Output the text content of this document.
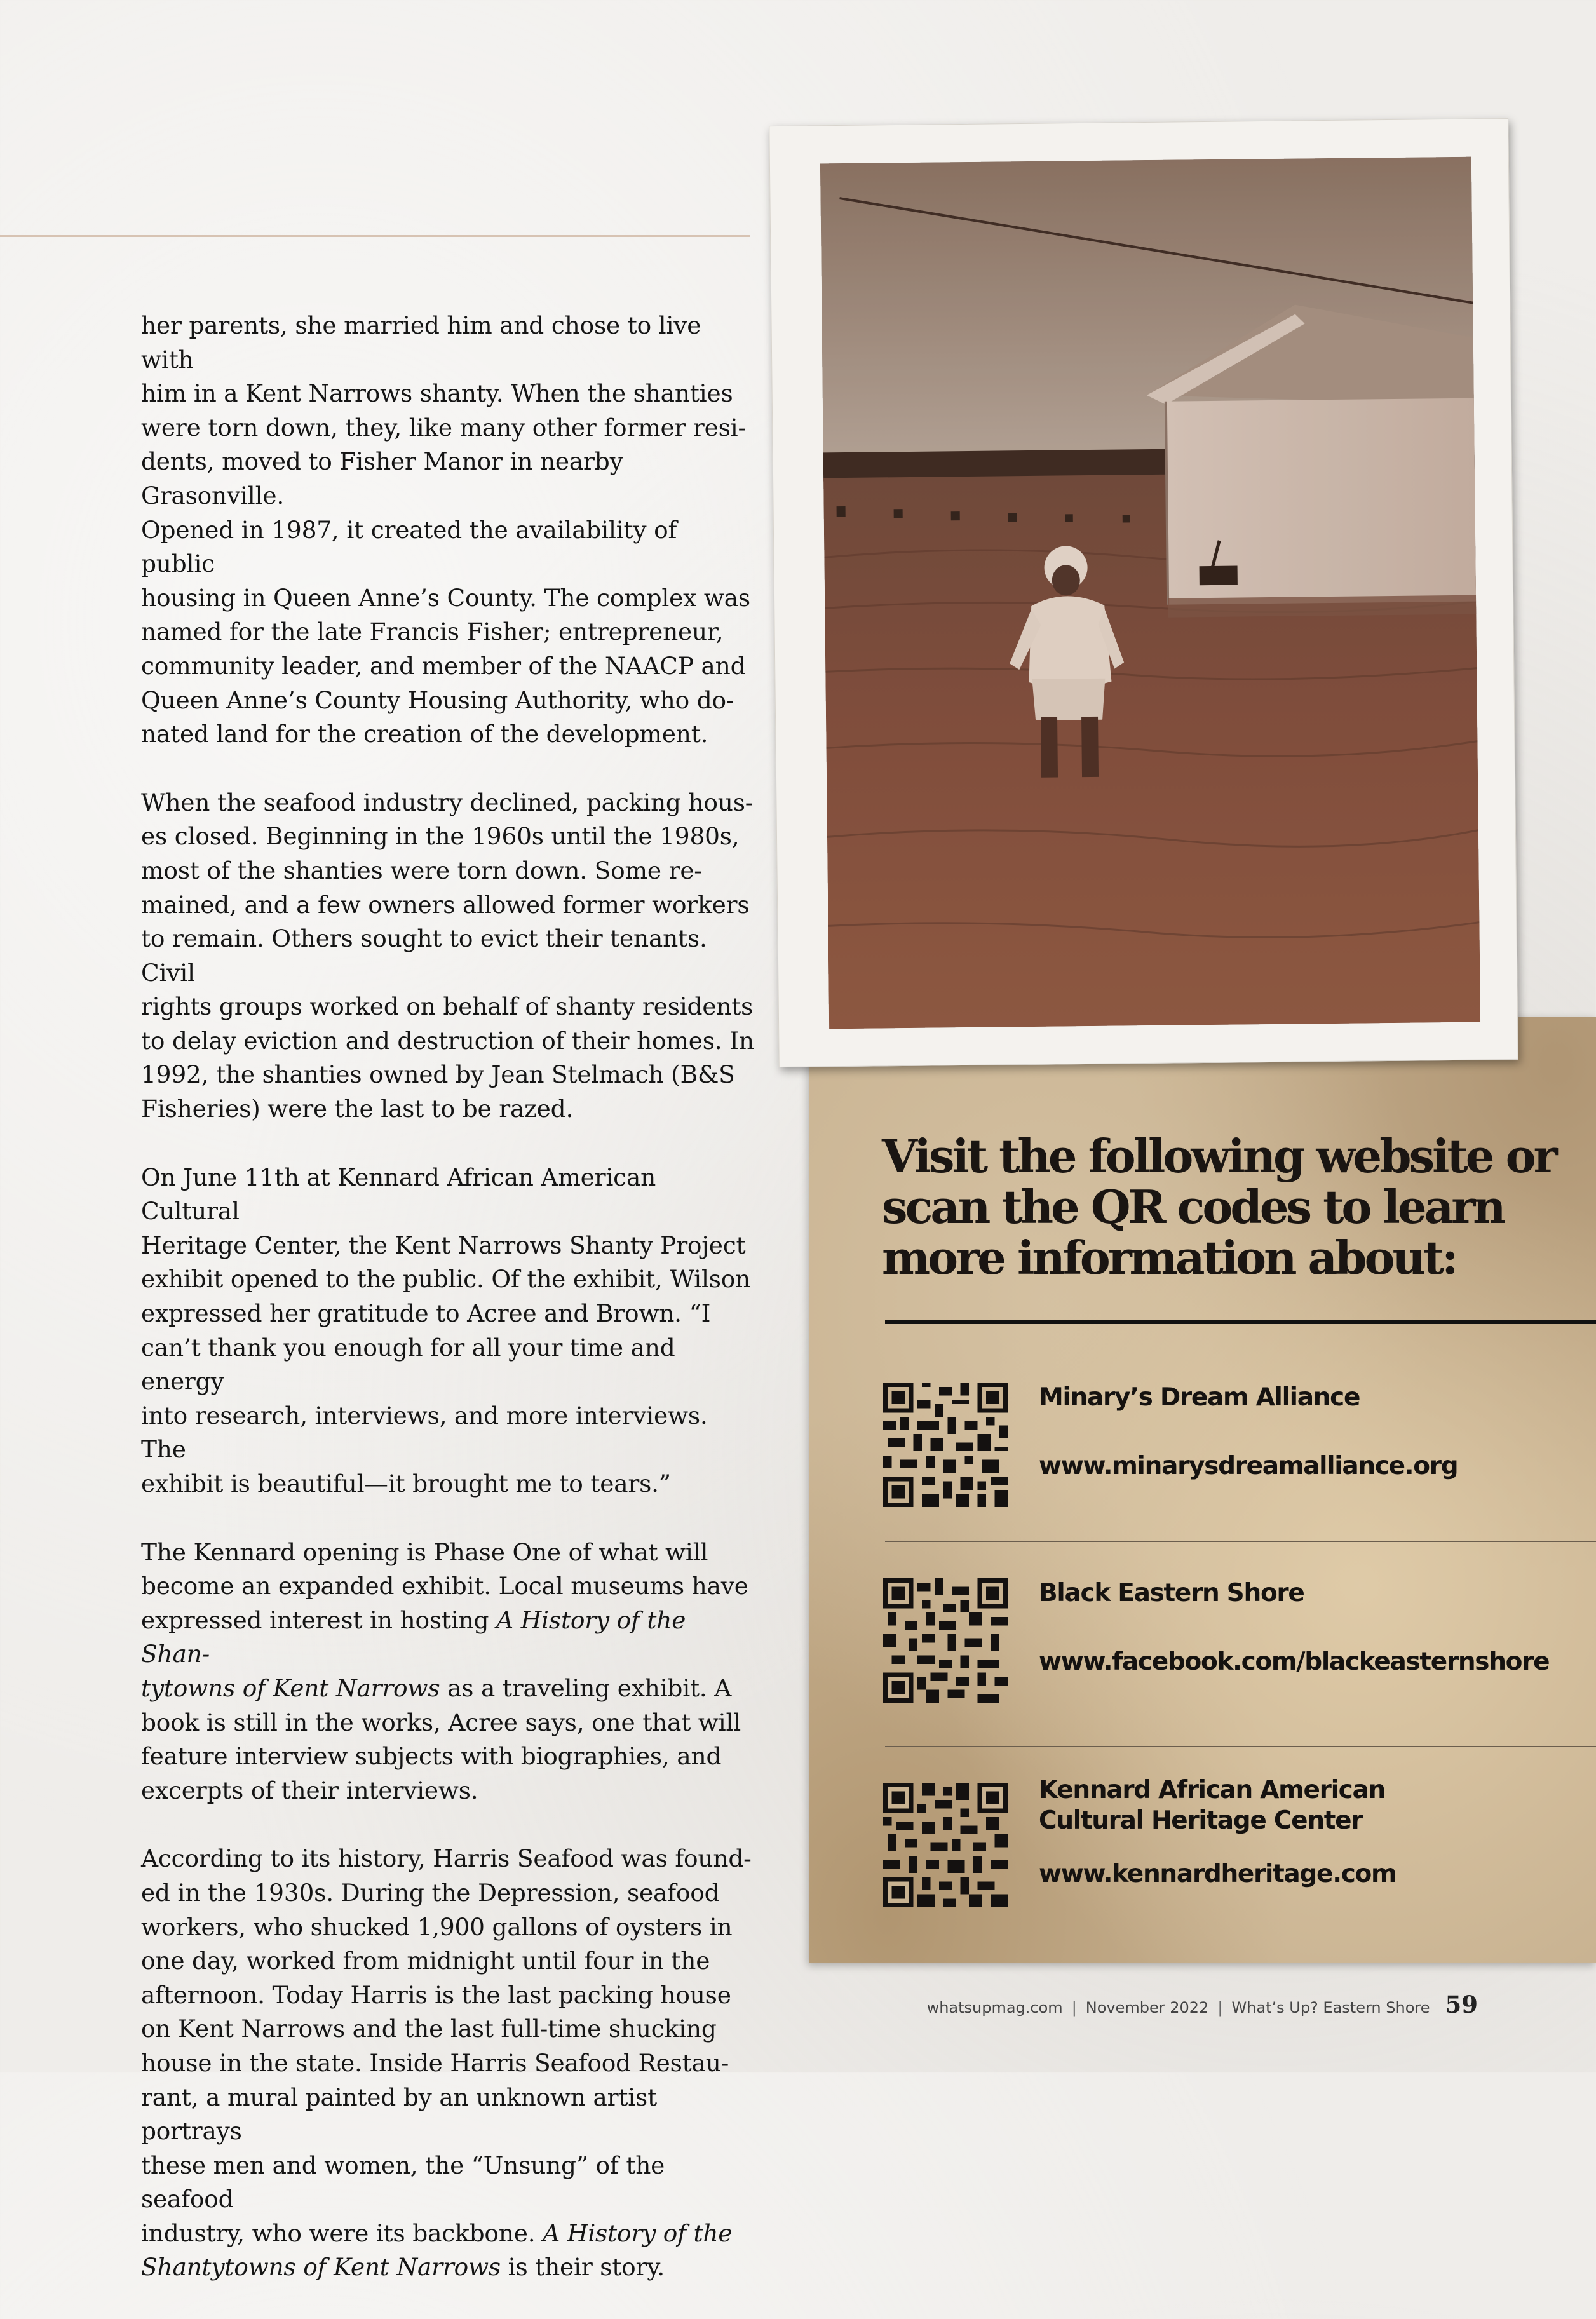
her parents, she married him and chose to live with
him in a Kent Narrows shanty. When the shanties
were torn down, they, like many other former resi-
dents, moved to Fisher Manor in nearby Grasonville.
Opened in 1987, it created the availability of public
housing in Queen Anne’s County. The complex was
named for the late Francis Fisher; entrepreneur,
community leader, and member of the NAACP and
Queen Anne’s County Housing Authority, who do-
nated land for the creation of the development.

When the seafood industry declined, packing hous-
es closed. Beginning in the 1960s until the 1980s,
most of the shanties were torn down. Some re-
mained, and a few owners allowed former workers
to remain. Others sought to evict their tenants. Civil
rights groups worked on behalf of shanty residents
to delay eviction and destruction of their homes. In
1992, the shanties owned by Jean Stelmach (B&S
Fisheries) were the last to be razed.

On June 11th at Kennard African American Cultural
Heritage Center, the Kent Narrows Shanty Project
exhibit opened to the public. Of the exhibit, Wilson
expressed her gratitude to Acree and Brown. “I
can’t thank you enough for all your time and energy
into research, interviews, and more interviews. The
exhibit is beautiful—it brought me to tears.”

The Kennard opening is Phase One of what will
become an expanded exhibit. Local museums have
expressed interest in hosting A History of the Shan-
tytowns of Kent Narrows as a traveling exhibit. A
book is still in the works, Acree says, one that will
feature interview subjects with biographies, and
excerpts of their interviews.

According to its history, Harris Seafood was found-
ed in the 1930s. During the Depression, seafood
workers, who shucked 1,900 gallons of oysters in
one day, worked from midnight until four in the
afternoon. Today Harris is the last packing house
on Kent Narrows and the last full-time shucking
house in the state. Inside Harris Seafood Restau-
rant, a mural painted by an unknown artist portrays
these men and women, the “Unsung” of the seafood
industry, who were its backbone. A History of the
Shantytowns of Kent Narrows is their story.

Visit the following website or
scan the QR codes to learn
more information about:
Minary’s Dream Alliance
www.minarysdreamalliance.org
Black Eastern Shore
www.facebook.com/blackeasternshore
Kennard African American
Cultural Heritage Center
www.kennardheritage.com
whatsupmag.com | November 2022 | What’s Up? Eastern Shore 59
